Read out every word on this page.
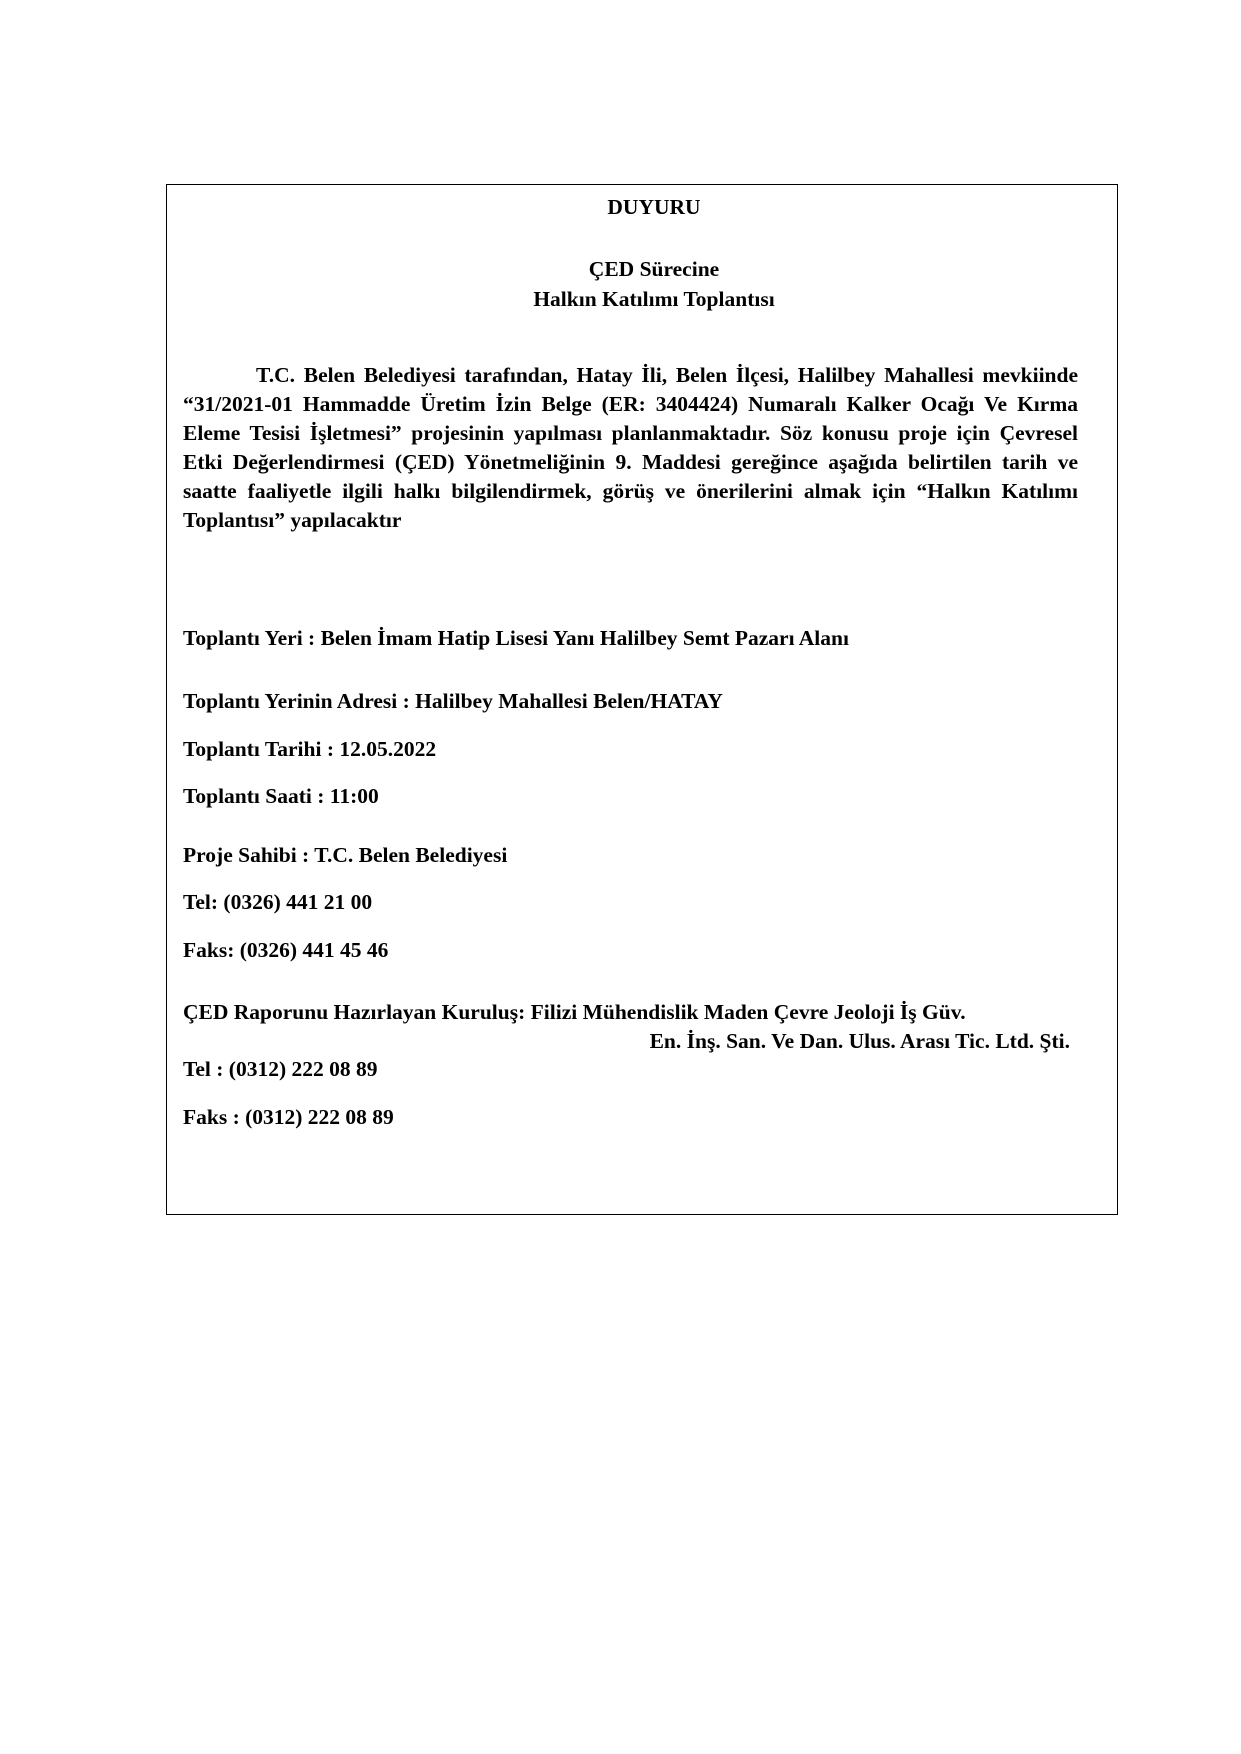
DUYURU
ÇED Sürecine
Halkın Katılımı Toplantısı
T.C. Belen Belediyesi tarafından, Hatay İli, Belen İlçesi, Halilbey Mahallesi mevkiinde “31/2021-01 Hammadde Üretim İzin Belge (ER: 3404424) Numaralı Kalker Ocağı Ve Kırma Eleme Tesisi İşletmesi” projesinin yapılması planlanmaktadır. Söz konusu proje için Çevresel Etki Değerlendirmesi (ÇED) Yönetmeliğinin 9. Maddesi gereğince aşağıda belirtilen tarih ve saatte faaliyetle ilgili halkı bilgilendirmek, görüş ve önerilerini almak için “Halkın Katılımı Toplantısı” yapılacaktır
Toplantı Yeri : Belen İmam Hatip Lisesi Yanı Halilbey Semt Pazarı Alanı
Toplantı Yerinin Adresi : Halilbey Mahallesi Belen/HATAY
Toplantı Tarihi : 12.05.2022
Toplantı Saati : 11:00
Proje Sahibi : T.C. Belen Belediyesi
Tel: (0326) 441 21 00
Faks: (0326) 441 45 46
ÇED Raporunu Hazırlayan Kuruluş: Filizi Mühendislik Maden Çevre Jeoloji İş Güv.
En. İnş. San. Ve Dan. Ulus. Arası Tic. Ltd. Şti.
Tel : (0312) 222 08 89
Faks : (0312) 222 08 89
